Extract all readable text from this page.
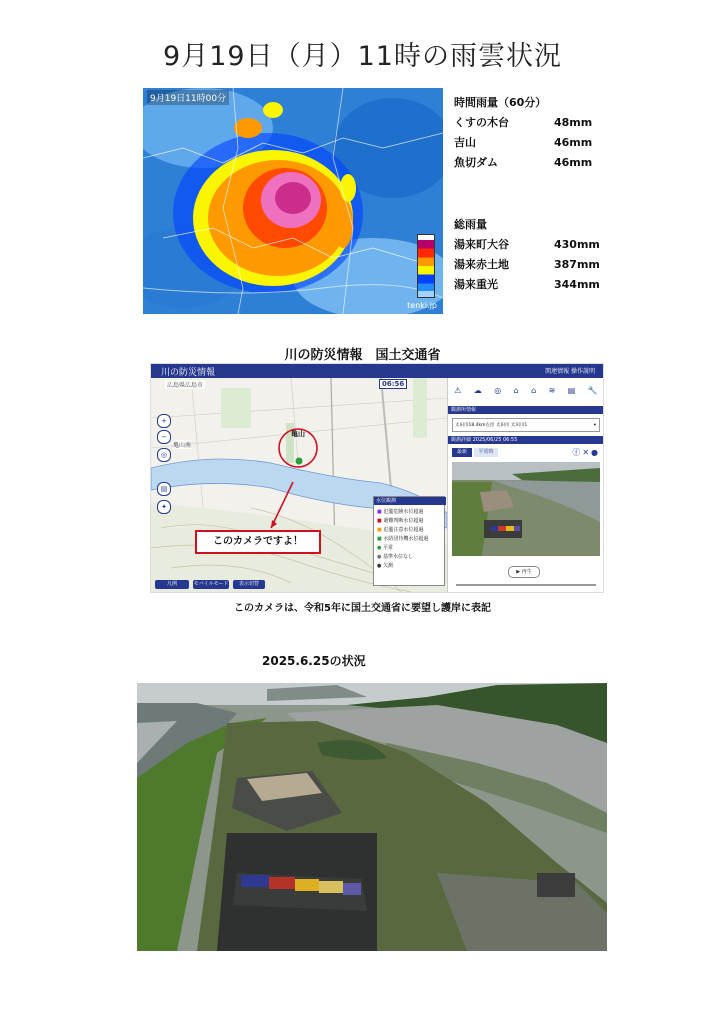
9月19日（月）11時の雨雲状況
9月19日11時00分
tenki.jp
時間雨量（60分）
くすの木台	48mm
吉山	46mm
魚切ダム	46mm
総雨量
湯来町大谷	430mm
湯来赤土地	387mm
湯来重光	344mm
川の防災情報　国土交通省
川の防災情報	関連情報 操作説明
広島県広島市	06:56
亀山
亀山南
+
−
◎
▤
✦
このカメラですよ！
水位観測
■ 氾濫危険水位超過
■ 避難判断水位超過
■ 氾濫注意水位超過
■ 水防団待機水位超過
● 平常
● 基準水位なし
● 欠測
凡例	モバイルモード	表示切替
⚠ ☁ ◎ ⌂ ⌂ ≋ ▤ 🔧
観測所情報
太田川18.4km左岸 太田川 太田川1	▾
観測詳細 2025/06/25 06:55
最新	平常時	ⓕ✕●
▶ 再生
このカメラは、令和5年に国土交通省に要望し護岸に表記
2025.6.25の状況
